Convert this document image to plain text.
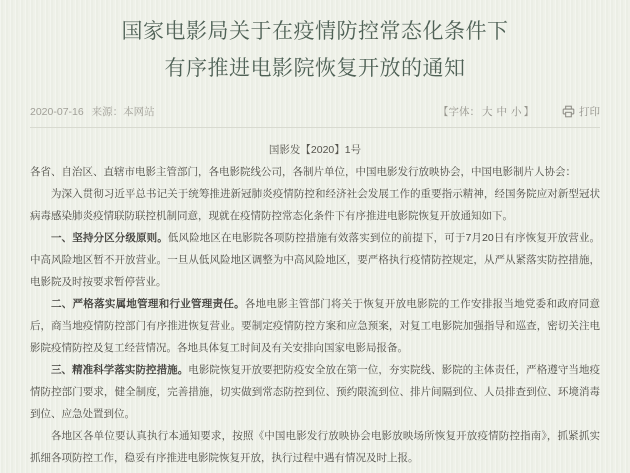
国家电影局关于在疫情防控常态化条件下
有序推进电影院恢复开放的通知
2020-07-16 来源：本网站	【字体： 大 中 小 】	打印

国影发【2020】1号

各省、自治区、直辖市电影主管部门，各电影院线公司，各制片单位，中国电影发行放映协会，中国电影制片人协会：

为深入贯彻习近平总书记关于统筹推进新冠肺炎疫情防控和经济社会发展工作的重要指示精神，经国务院应对新型冠状病毒感染肺炎疫情联防联控机制同意，现就在疫情防控常态化条件下有序推进电影院恢复开放通知如下。

一、坚持分区分级原则。低风险地区在电影院各项防控措施有效落实到位的前提下，可于7月20日有序恢复开放营业。中高风险地区暂不开放营业。一旦从低风险地区调整为中高风险地区，要严格执行疫情防控规定，从严从紧落实防控措施，电影院及时按要求暂停营业。

二、严格落实属地管理和行业管理责任。各地电影主管部门将关于恢复开放电影院的工作安排报当地党委和政府同意后，商当地疫情防控部门有序推进恢复营业。要制定疫情防控方案和应急预案，对复工电影院加强指导和巡查，密切关注电影院疫情防控及复工经营情况。各地具体复工时间及有关安排向国家电影局报备。

三、精准科学落实防控措施。电影院恢复开放要把防疫安全放在第一位，夯实院线、影院的主体责任，严格遵守当地疫情防控部门要求，健全制度，完善措施，切实做到常态防控到位、预约限流到位、排片间隔到位、人员排查到位、环境消毒到位、应急处置到位。

各地区各单位要认真执行本通知要求，按照《中国电影发行放映协会电影放映场所恢复开放疫情防控指南》，抓紧抓实抓细各项防控工作，稳妥有序推进电影院恢复开放，执行过程中遇有情况及时上报。
